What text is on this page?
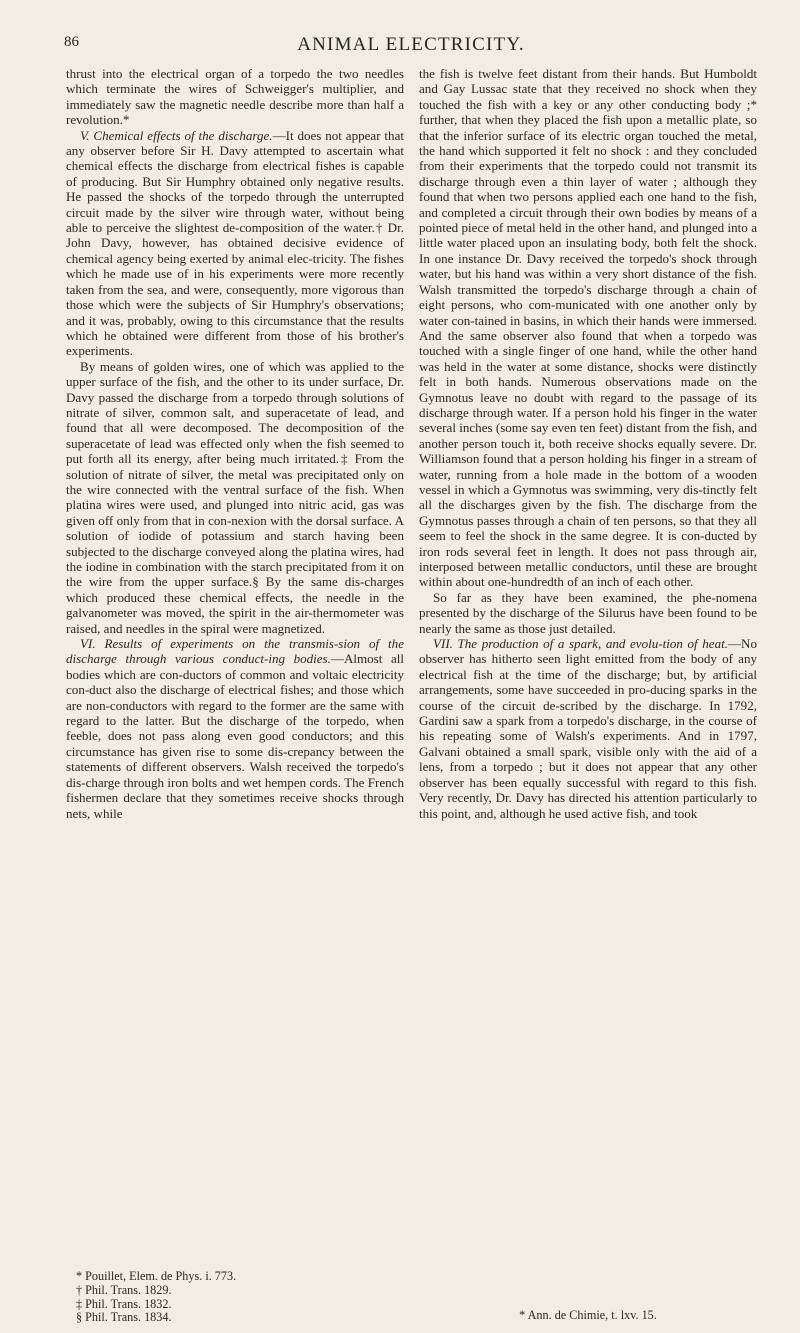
86	ANIMAL ELECTRICITY.

thrust into the electrical organ of a torpedo the two needles which terminate the wires of Schweigger's multiplier, and immediately saw the magnetic needle describe more than half a revolution.*

V. Chemical effects of the discharge.—It does not appear that any observer before Sir H. Davy attempted to ascertain what chemical effects the discharge from electrical fishes is capable of producing. But Sir Humphry obtained only negative results. He passed the shocks of the torpedo through the unterrupted circuit made by the silver wire through water, without being able to perceive the slightest de-composition of the water.† Dr. John Davy, however, has obtained decisive evidence of chemical agency being exerted by animal elec-tricity. The fishes which he made use of in his experiments were more recently taken from the sea, and were, consequently, more vigorous than those which were the subjects of Sir Humphry's observations; and it was, probably, owing to this circumstance that the results which he obtained were different from those of his brother's experiments.

By means of golden wires, one of which was applied to the upper surface of the fish, and the other to its under surface, Dr. Davy passed the discharge from a torpedo through solutions of nitrate of silver, common salt, and superacetate of lead, and found that all were decomposed. The decomposition of the superacetate of lead was effected only when the fish seemed to put forth all its energy, after being much irritated.‡ From the solution of nitrate of silver, the metal was precipitated only on the wire connected with the ventral surface of the fish. When platina wires were used, and plunged into nitric acid, gas was given off only from that in con-nexion with the dorsal surface. A solution of iodide of potassium and starch having been subjected to the discharge conveyed along the platina wires, had the iodine in combination with the starch precipitated from it on the wire from the upper surface.§ By the same dis-charges which produced these chemical effects, the needle in the galvanometer was moved, the spirit in the air-thermometer was raised, and needles in the spiral were magnetized.

VI. Results of experiments on the transmis-sion of the discharge through various conduct-ing bodies.—Almost all bodies which are con-ductors of common and voltaic electricity con-duct also the discharge of electrical fishes; and those which are non-conductors with regard to the former are the same with regard to the latter. But the discharge of the torpedo, when feeble, does not pass along even good conductors; and this circumstance has given rise to some dis-crepancy between the statements of different observers. Walsh received the torpedo's dis-charge through iron bolts and wet hempen cords. The French fishermen declare that they sometimes receive shocks through nets, while

the fish is twelve feet distant from their hands. But Humboldt and Gay Lussac state that they received no shock when they touched the fish with a key or any other conducting body ;* further, that when they placed the fish upon a metallic plate, so that the inferior surface of its electric organ touched the metal, the hand which supported it felt no shock : and they concluded from their experiments that the torpedo could not transmit its discharge through even a thin layer of water ; although they found that when two persons applied each one hand to the fish, and completed a circuit through their own bodies by means of a pointed piece of metal held in the other hand, and plunged into a little water placed upon an insulating body, both felt the shock. In one instance Dr. Davy received the torpedo's shock through water, but his hand was within a very short distance of the fish. Walsh transmitted the torpedo's discharge through a chain of eight persons, who com-municated with one another only by water con-tained in basins, in which their hands were immersed. And the same observer also found that when a torpedo was touched with a single finger of one hand, while the other hand was held in the water at some distance, shocks were distinctly felt in both hands. Numerous observations made on the Gymnotus leave no doubt with regard to the passage of its discharge through water. If a person hold his finger in the water several inches (some say even ten feet) distant from the fish, and another person touch it, both receive shocks equally severe. Dr. Williamson found that a person holding his finger in a stream of water, running from a hole made in the bottom of a wooden vessel in which a Gymnotus was swimming, very dis-tinctly felt all the discharges given by the fish. The discharge from the Gymnotus passes through a chain of ten persons, so that they all seem to feel the shock in the same degree. It is con-ducted by iron rods several feet in length. It does not pass through air, interposed between metallic conductors, until these are brought within about one-hundredth of an inch of each other.

So far as they have been examined, the phe-nomena presented by the discharge of the Silurus have been found to be nearly the same as those just detailed.

VII. The production of a spark, and evolu-tion of heat.—No observer has hitherto seen light emitted from the body of any electrical fish at the time of the discharge; but, by artificial arrangements, some have succeeded in pro-ducing sparks in the course of the circuit de-scribed by the discharge. In 1792, Gardini saw a spark from a torpedo's discharge, in the course of his repeating some of Walsh's experiments. And in 1797, Galvani obtained a small spark, visible only with the aid of a lens, from a torpedo ; but it does not appear that any other observer has been equally successful with regard to this fish. Very recently, Dr. Davy has directed his attention particularly to this point, and, although he used active fish, and took

* Pouillet, Elem. de Phys. i. 773.
† Phil. Trans. 1829.
‡ Phil. Trans. 1832.
§ Phil. Trans. 1834.	* Ann. de Chimie, t. lxv. 15.
